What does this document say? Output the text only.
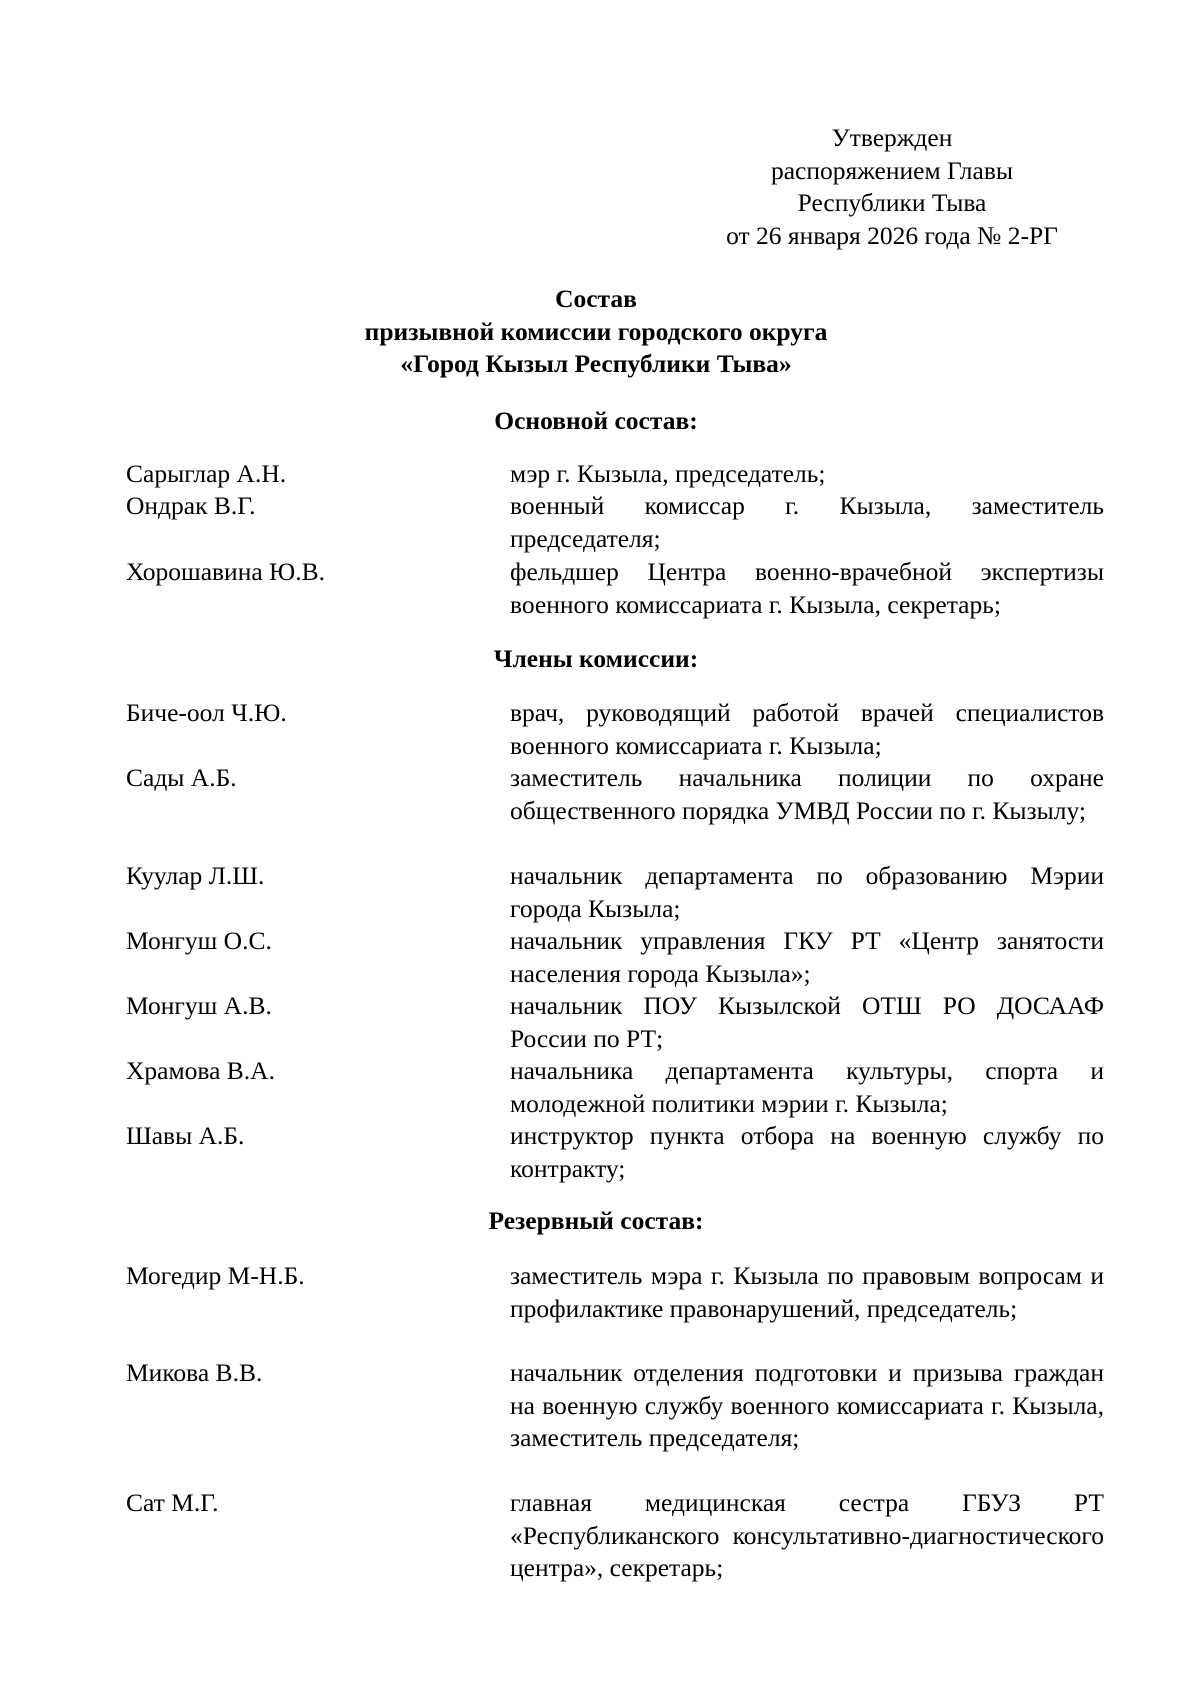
Утвержден
распоряжением Главы
Республики Тыва
от 26 января 2026 года № 2-РГ
Состав
призывной комиссии городского округа
«Город Кызыл Республики Тыва»
Основной состав:
Сарыглар А.Н.	мэр г. Кызыла, председатель;
Ондрак В.Г.	военный комиссар г. Кызыла, заместитель председателя;
Хорошавина Ю.В.	фельдшер Центра военно-врачебной экспертизы военного комиссариата г. Кызыла, секретарь;
Члены комиссии:
Биче-оол Ч.Ю.	врач, руководящий работой врачей специалистов военного комиссариата г. Кызыла;
Сады А.Б.	заместитель начальника полиции по охране общественного порядка УМВД России по г. Кызылу;
Куулар Л.Ш.	начальник департамента по образованию Мэрии города Кызыла;
Монгуш О.С.	начальник управления ГКУ РТ «Центр занятости населения города Кызыла»;
Монгуш А.В.	начальник ПОУ Кызылской ОТШ РО ДОСААФ России по РТ;
Храмова В.А.	начальника департамента культуры, спорта и молодежной политики мэрии г. Кызыла;
Шавы А.Б.	инструктор пункта отбора на военную службу по контракту;
Резервный состав:
Могедир М-Н.Б.	заместитель мэра г. Кызыла по правовым вопросам и профилактике правонарушений, председатель;
Микова В.В.	начальник отделения подготовки и призыва граждан на военную службу военного комиссариата г. Кызыла, заместитель председателя;
Сат М.Г.	главная медицинская сестра ГБУЗ РТ «Республиканского консультативно-диагностического центра», секретарь;
